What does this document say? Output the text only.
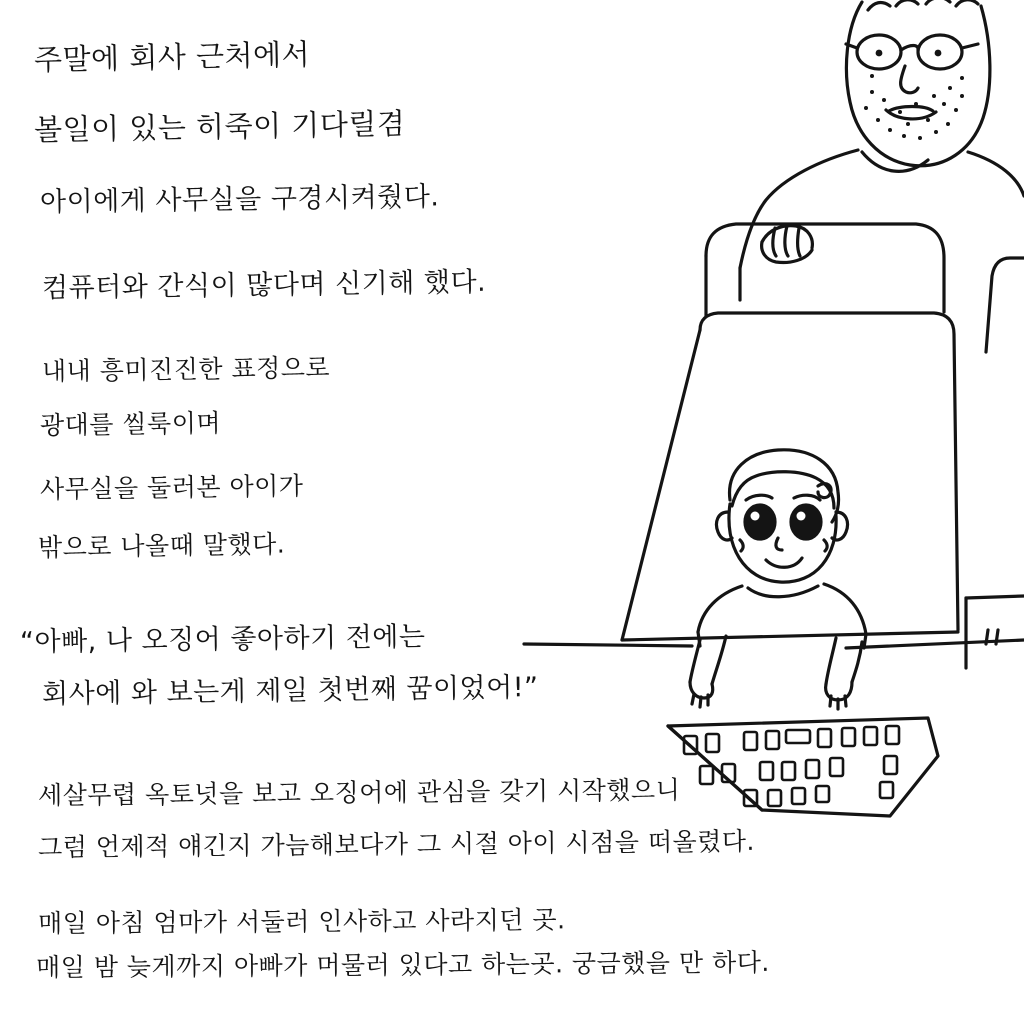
주말에 회사 근처에서
볼일이 있는 히죽이 기다릴겸
아이에게 사무실을 구경시켜줬다.
컴퓨터와 간식이 많다며 신기해 했다.
내내 흥미진진한 표정으로
광대를 씰룩이며
사무실을 둘러본 아이가
밖으로 나올때 말했다.
“아빠, 나 오징어 좋아하기 전에는
회사에 와 보는게 제일 첫번째 꿈이었어!”
세살무렵 옥토넛을 보고 오징어에 관심을 갖기 시작했으니
그럼 언제적 얘긴지 가늠해보다가 그 시절 아이 시점을 떠올렸다.
매일 아침 엄마가 서둘러 인사하고 사라지던 곳.
매일 밤 늦게까지 아빠가 머물러 있다고 하는곳. 궁금했을 만 하다.
